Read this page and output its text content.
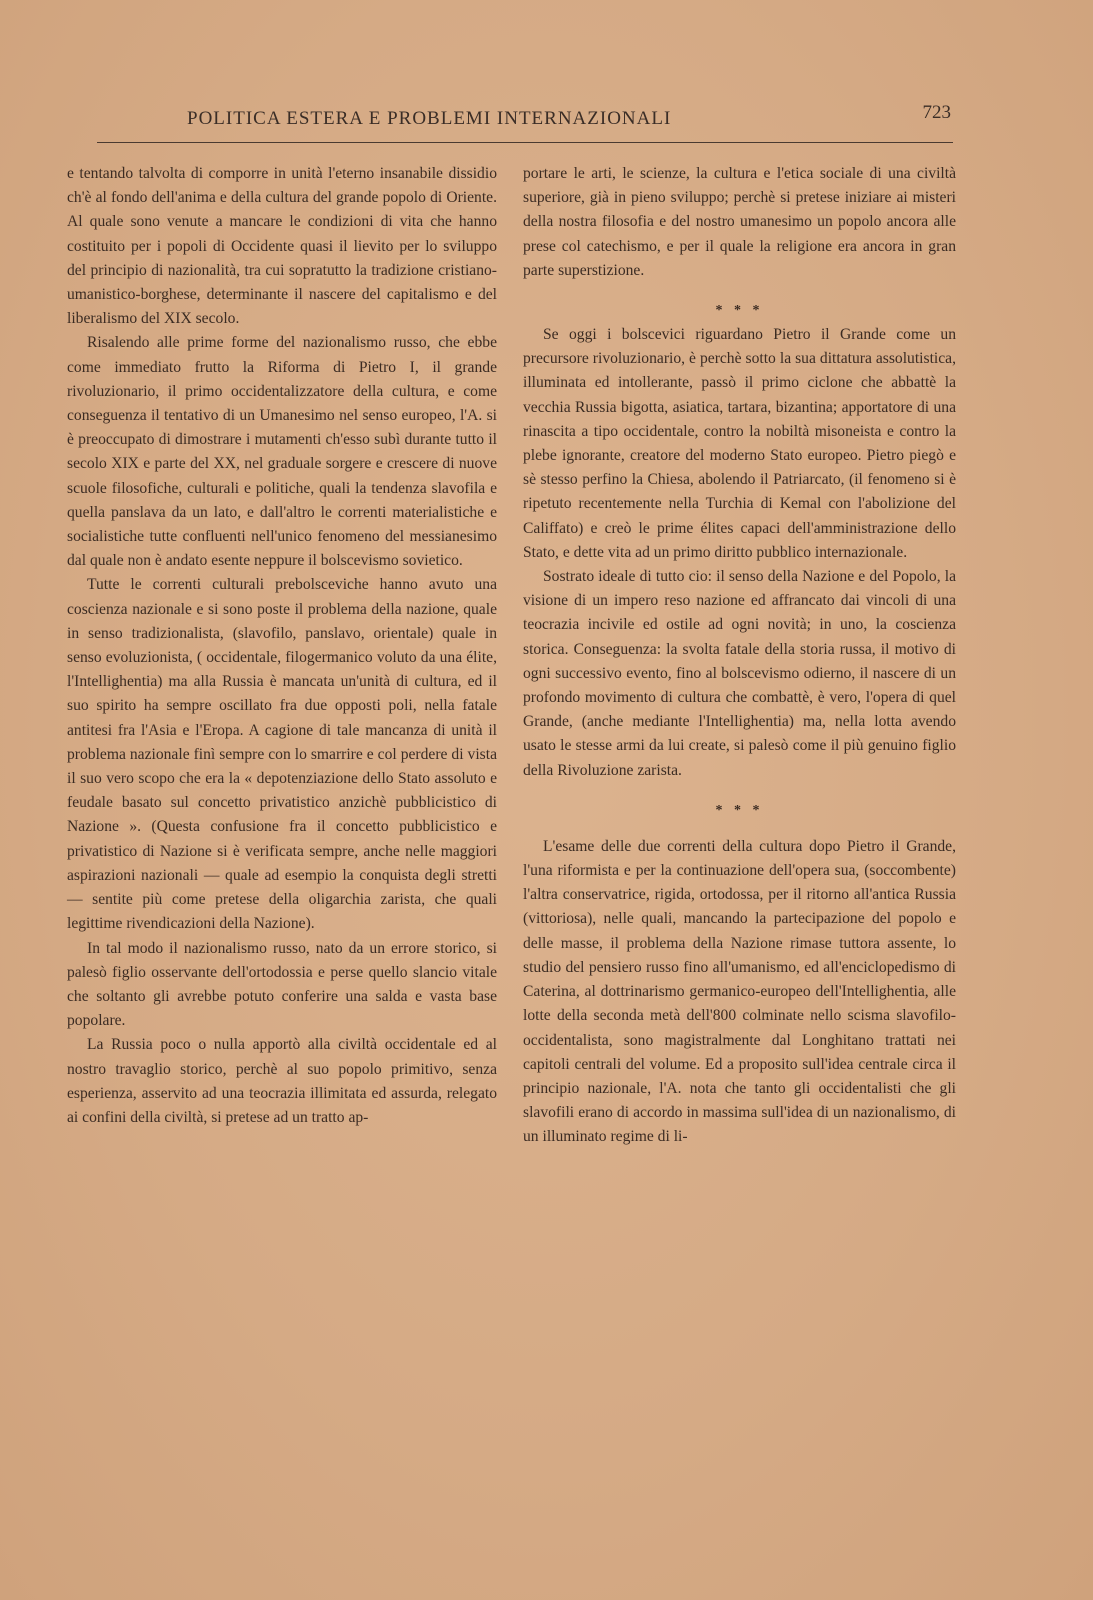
POLITICA ESTERA E PROBLEMI INTERNAZIONALI	723

e tentando talvolta di comporre in unità l'eterno insanabile dissidio ch'è al fondo dell'anima e della cultura del grande popolo di Oriente. Al quale sono venute a mancare le condizioni di vita che hanno costituito per i popoli di Occidente quasi il lievito per lo sviluppo del principio di nazionalità, tra cui sopratutto la tradizione cristiano-umanistico-borghese, determinante il nascere del capitalismo e del liberalismo del XIX secolo.

Risalendo alle prime forme del nazionalismo russo, che ebbe come immediato frutto la Riforma di Pietro I, il grande rivoluzionario, il primo occidentalizzatore della cultura, e come conseguenza il tentativo di un Umanesimo nel senso europeo, l'A. si è preoccupato di dimostrare i mutamenti ch'esso subì durante tutto il secolo XIX e parte del XX, nel graduale sorgere e crescere di nuove scuole filosofiche, culturali e politiche, quali la tendenza slavofila e quella panslava da un lato, e dall'altro le correnti materialistiche e socialistiche tutte confluenti nell'unico fenomeno del messianesimo dal quale non è andato esente neppure il bolscevismo sovietico.

Tutte le correnti culturali prebolsceviche hanno avuto una coscienza nazionale e si sono poste il problema della nazione, quale in senso tradizionalista, (slavofilo, panslavo, orientale) quale in senso evoluzionista, ( occidentale, filogermanico voluto da una élite, l'Intellighentia) ma alla Russia è mancata un'unità di cultura, ed il suo spirito ha sempre oscillato fra due opposti poli, nella fatale antitesi fra l'Asia e l'Eropa. A cagione di tale mancanza di unità il problema nazionale finì sempre con lo smarrire e col perdere di vista il suo vero scopo che era la « depotenziazione dello Stato assoluto e feudale basato sul concetto privatistico anzichè pubblicistico di Nazione ». (Questa confusione fra il concetto pubblicistico e privatistico di Nazione si è verificata sempre, anche nelle maggiori aspirazioni nazionali — quale ad esempio la conquista degli stretti — sentite più come pretese della oligarchia zarista, che quali legittime rivendicazioni della Nazione).

In tal modo il nazionalismo russo, nato da un errore storico, si palesò figlio osservante dell'ortodossia e perse quello slancio vitale che soltanto gli avrebbe potuto conferire una salda e vasta base popolare.

La Russia poco o nulla apportò alla civiltà occidentale ed al nostro travaglio storico, perchè al suo popolo primitivo, senza esperienza, asservito ad una teocrazia illimitata ed assurda, relegato ai confini della civiltà, si pretese ad un tratto ap-

portare le arti, le scienze, la cultura e l'etica sociale di una civiltà superiore, già in pieno sviluppo; perchè si pretese iniziare ai misteri della nostra filosofia e del nostro umanesimo un popolo ancora alle prese col catechismo, e per il quale la religione era ancora in gran parte superstizione.

* * *

Se oggi i bolscevici riguardano Pietro il Grande come un precursore rivoluzionario, è perchè sotto la sua dittatura assolutistica, illuminata ed intollerante, passò il primo ciclone che abbattè la vecchia Russia bigotta, asiatica, tartara, bizantina; apportatore di una rinascita a tipo occidentale, contro la nobiltà misoneista e contro la plebe ignorante, creatore del moderno Stato europeo. Pietro piegò e sè stesso perfino la Chiesa, abolendo il Patriarcato, (il fenomeno si è ripetuto recentemente nella Turchia di Kemal con l'abolizione del Califfato) e creò le prime élites capaci dell'amministrazione dello Stato, e dette vita ad un primo diritto pubblico internazionale.

Sostrato ideale di tutto cio: il senso della Nazione e del Popolo, la visione di un impero reso nazione ed affrancato dai vincoli di una teocrazia incivile ed ostile ad ogni novità; in uno, la coscienza storica. Conseguenza: la svolta fatale della storia russa, il motivo di ogni successivo evento, fino al bolscevismo odierno, il nascere di un profondo movimento di cultura che combattè, è vero, l'opera di quel Grande, (anche mediante l'Intellighentia) ma, nella lotta avendo usato le stesse armi da lui create, si palesò come il più genuino figlio della Rivoluzione zarista.

* * *

L'esame delle due correnti della cultura dopo Pietro il Grande, l'una riformista e per la continuazione dell'opera sua, (soccombente) l'altra conservatrice, rigida, ortodossa, per il ritorno all'antica Russia (vittoriosa), nelle quali, mancando la partecipazione del popolo e delle masse, il problema della Nazione rimase tuttora assente, lo studio del pensiero russo fino all'umanismo, ed all'enciclopedismo di Caterina, al dottrinarismo germanico-europeo dell'Intellighentia, alle lotte della seconda metà dell'800 colminate nello scisma slavofilo-occidentalista, sono magistralmente dal Longhitano trattati nei capitoli centrali del volume. Ed a proposito sull'idea centrale circa il principio nazionale, l'A. nota che tanto gli occidentalisti che gli slavofili erano di accordo in massima sull'idea di un nazionalismo, di un illuminato regime di li-
